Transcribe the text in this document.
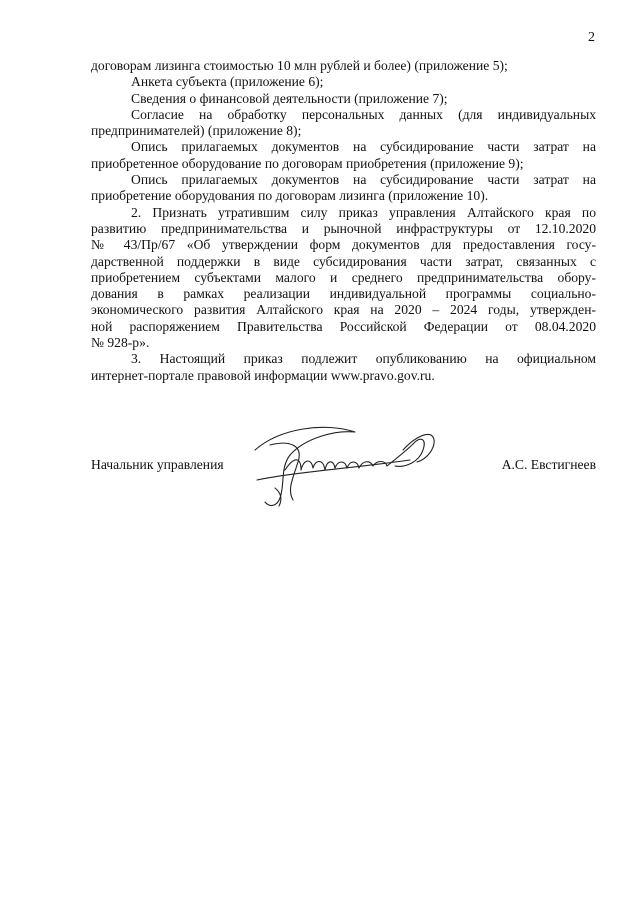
2
договорам лизинга стоимостью 10 млн рублей и более) (приложение 5);
Анкета субъекта (приложение 6);
Сведения о финансовой деятельности (приложение 7);
Согласие на обработку персональных данных (для индивидуальных
предпринимателей) (приложение 8);
Опись прилагаемых документов на субсидирование части затрат на
приобретенное оборудование по договорам приобретения (приложение 9);
Опись прилагаемых документов на субсидирование части затрат на
приобретение оборудования по договорам лизинга (приложение 10).
2. Признать утратившим силу приказ управления Алтайского края по
развитию предпринимательства и рыночной инфраструктуры от 12.10.2020
№ 43/Пр/67 «Об утверждении форм документов для предоставления госу-
дарственной поддержки в виде субсидирования части затрат, связанных с
приобретением субъектами малого и среднего предпринимательства обору-
дования в рамках реализации индивидуальной программы социально-
экономического развития Алтайского края на 2020 – 2024 годы, утвержден-
ной распоряжением Правительства Российской Федерации от 08.04.2020
№ 928-р».
3. Настоящий приказ подлежит опубликованию на официальном
интернет-портале правовой информации www.pravo.gov.ru.
Начальник управления	А.С. Евстигнеев
